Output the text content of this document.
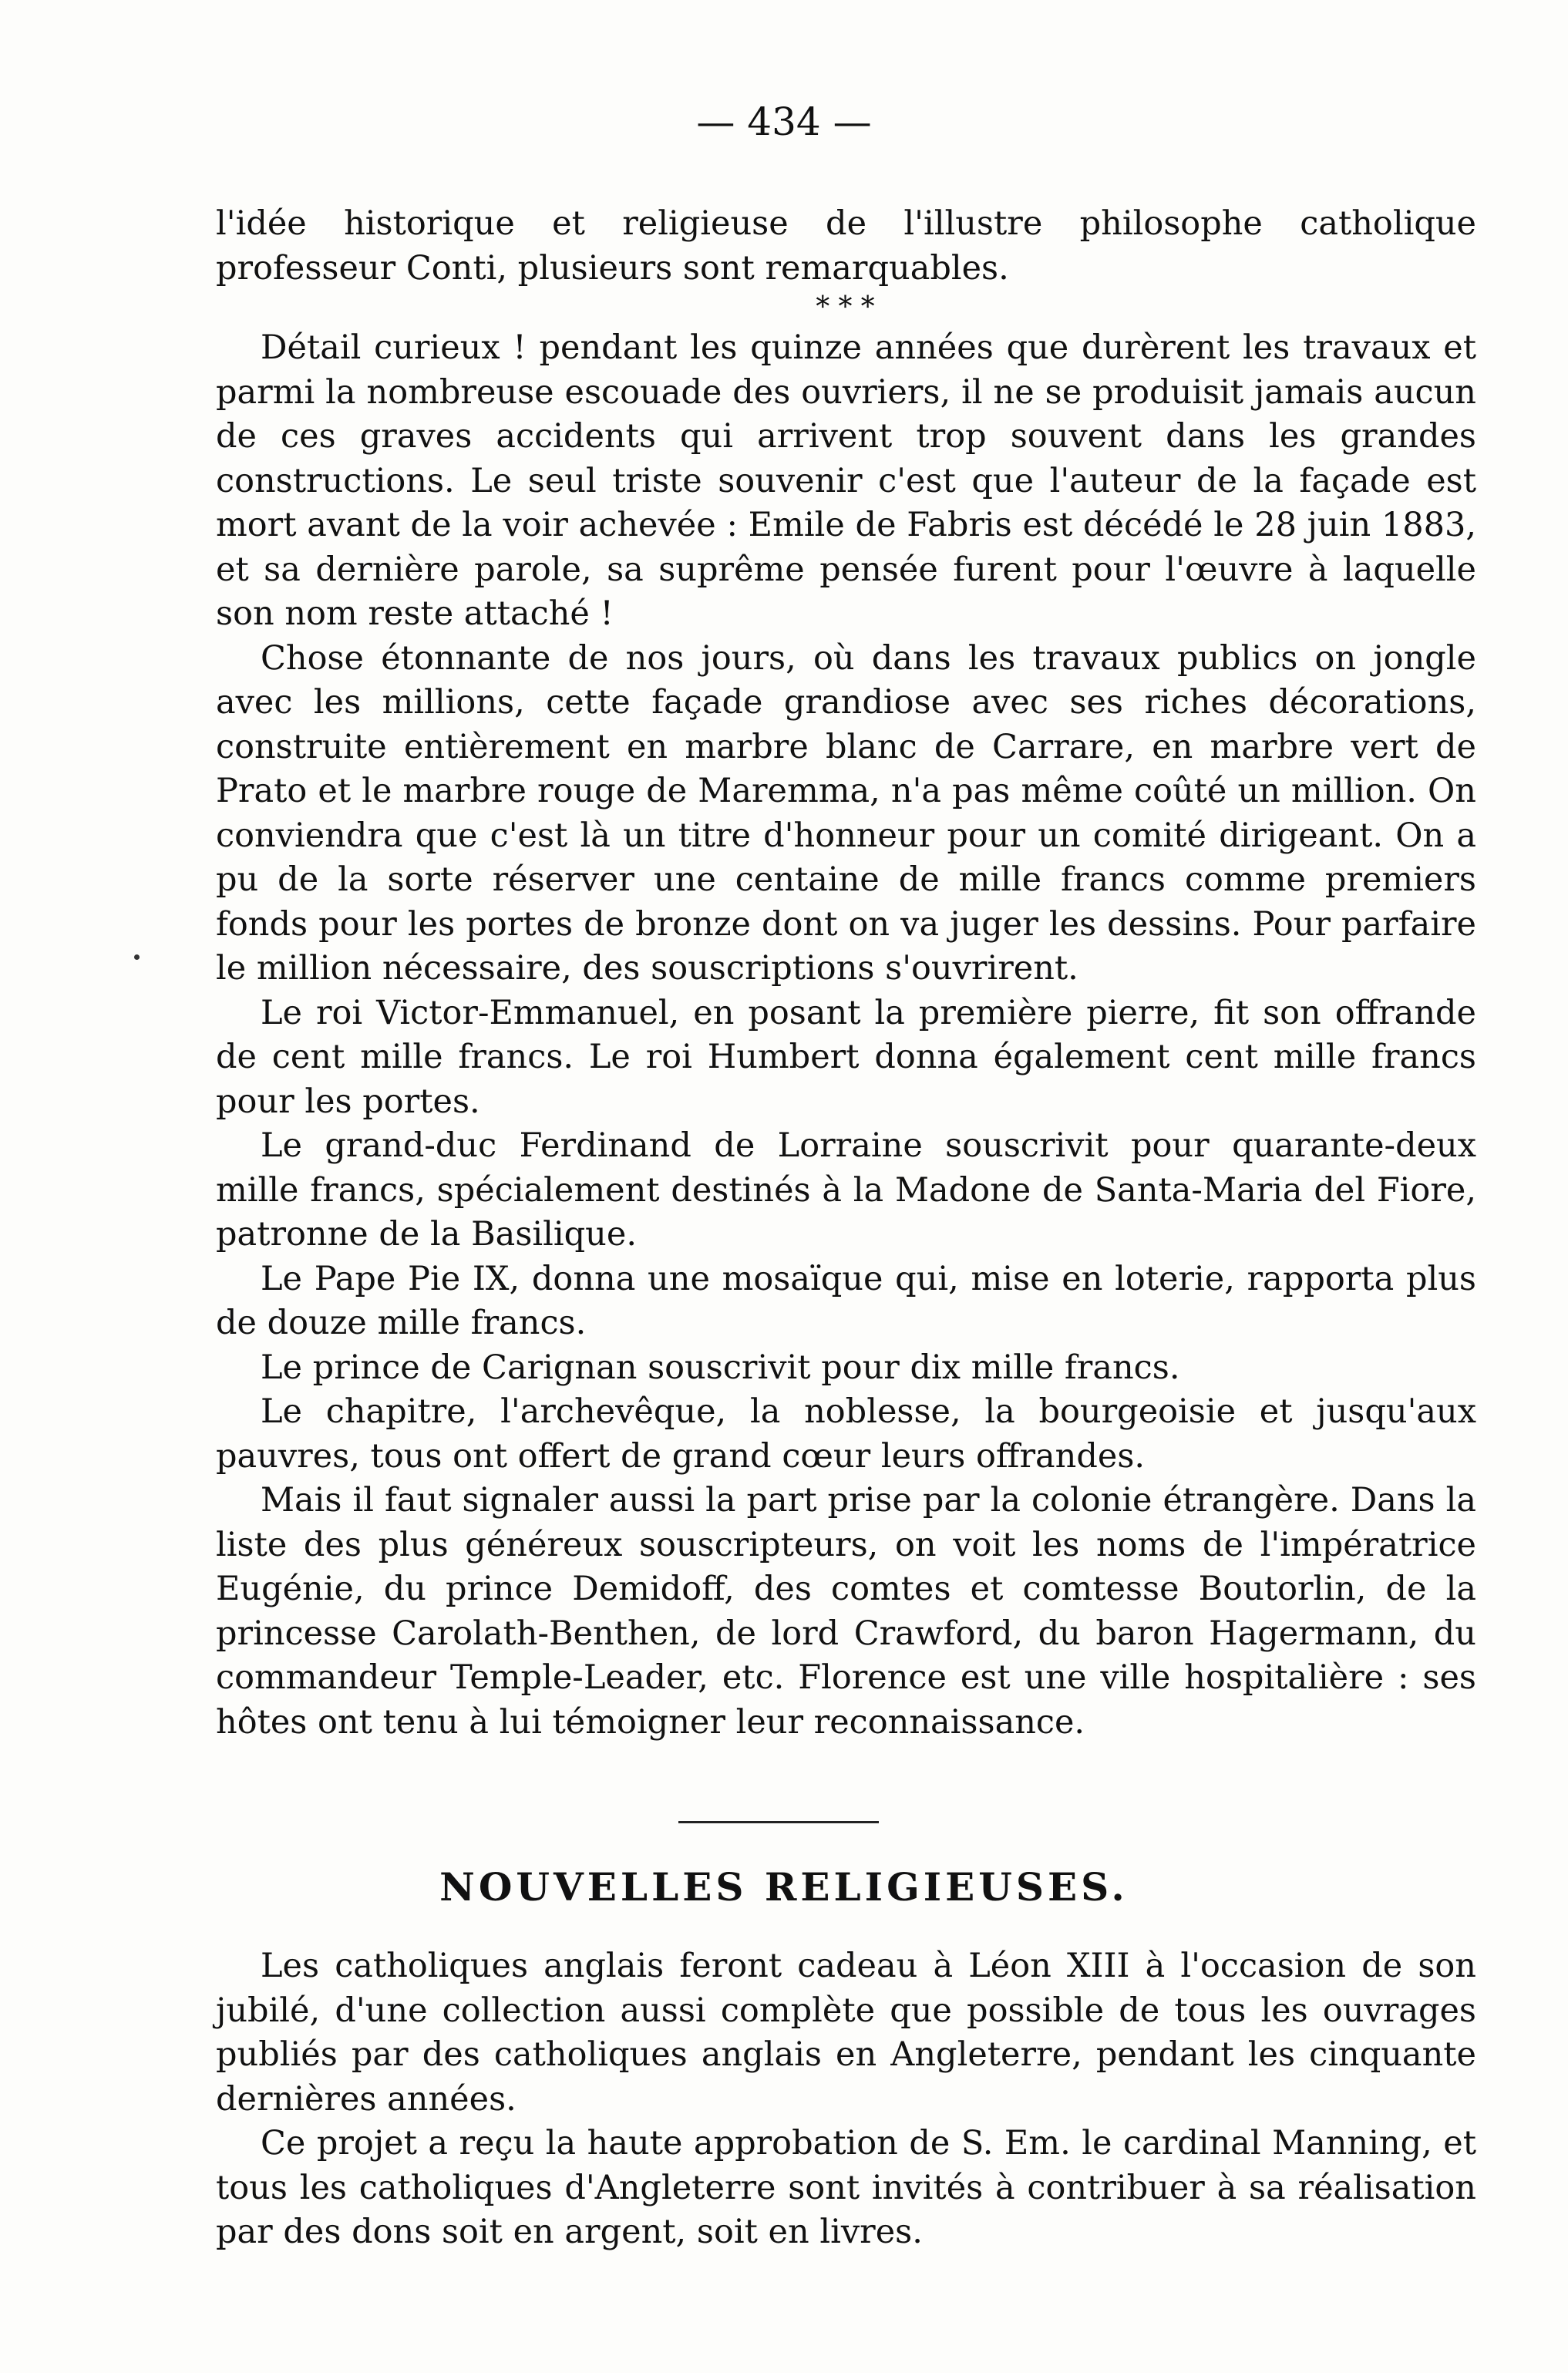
— 434 —

l'idée historique et religieuse de l'illustre philosophe catholique professeur Conti, plusieurs sont remarquables.

* * *

Détail curieux ! pendant les quinze années que durèrent les travaux et parmi la nombreuse escouade des ouvriers, il ne se produisit jamais aucun de ces graves accidents qui arrivent trop souvent dans les grandes constructions. Le seul triste souvenir c'est que l'auteur de la façade est mort avant de la voir achevée : Emile de Fabris est décédé le 28 juin 1883, et sa dernière parole, sa suprême pensée furent pour l'œuvre à laquelle son nom reste attaché !

Chose étonnante de nos jours, où dans les travaux publics on jongle avec les millions, cette façade grandiose avec ses riches décorations, construite entièrement en marbre blanc de Carrare, en marbre vert de Prato et le marbre rouge de Maremma, n'a pas même coûté un million. On conviendra que c'est là un titre d'honneur pour un comité dirigeant. On a pu de la sorte réserver une centaine de mille francs comme premiers fonds pour les portes de bronze dont on va juger les dessins. Pour parfaire le million nécessaire, des souscriptions s'ouvrirent.

Le roi Victor-Emmanuel, en posant la première pierre, fit son offrande de cent mille francs. Le roi Humbert donna également cent mille francs pour les portes.

Le grand-duc Ferdinand de Lorraine souscrivit pour quarante-deux mille francs, spécialement destinés à la Madone de Santa-Maria del Fiore, patronne de la Basilique.

Le Pape Pie IX, donna une mosaïque qui, mise en loterie, rapporta plus de douze mille francs.

Le prince de Carignan souscrivit pour dix mille francs.

Le chapitre, l'archevêque, la noblesse, la bourgeoisie et jusqu'aux pauvres, tous ont offert de grand cœur leurs offrandes.

Mais il faut signaler aussi la part prise par la colonie étrangère. Dans la liste des plus généreux souscripteurs, on voit les noms de l'impératrice Eugénie, du prince Demidoff, des comtes et comtesse Boutorlin, de la princesse Carolath-Benthen, de lord Crawford, du baron Hagermann, du commandeur Temple-Leader, etc. Florence est une ville hospitalière : ses hôtes ont tenu à lui témoigner leur reconnaissance.

NOUVELLES RELIGIEUSES.

Les catholiques anglais feront cadeau à Léon XIII à l'occasion de son jubilé, d'une collection aussi complète que possible de tous les ouvrages publiés par des catholiques anglais en Angleterre, pendant les cinquante dernières années.

Ce projet a reçu la haute approbation de S. Em. le cardinal Manning, et tous les catholiques d'Angleterre sont invités à contribuer à sa réalisation par des dons soit en argent, soit en livres.
